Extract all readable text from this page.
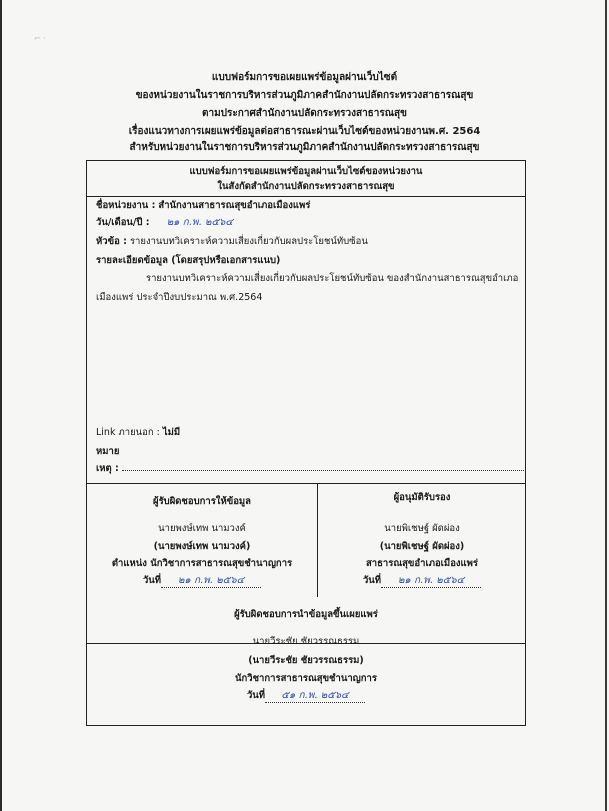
⌐ ·
แบบฟอร์มการขอเผยแพร่ข้อมูลผ่านเว็บไซต์
ของหน่วยงานในราชการบริหารส่วนภูมิภาคสำนักงานปลัดกระทรวงสาธารณสุข
ตามประกาศสำนักงานปลัดกระทรวงสาธารณสุข
เรื่องแนวทางการเผยแพร่ข้อมูลต่อสาธารณะผ่านเว็บไซต์ของหน่วยงานพ.ศ. 2564
สำหรับหน่วยงานในราชการบริหารส่วนภูมิภาคสำนักงานปลัดกระทรวงสาธารณสุข
แบบฟอร์มการขอเผยแพร่ข้อมูลผ่านเว็บไซต์ของหน่วยงาน
ในสังกัดสำนักงานปลัดกระทรวงสาธารณสุข
ชื่อหน่วยงาน : สำนักงานสาธารณสุขอำเภอเมืองแพร่
วัน/เดือน/ปี : ๒๑ ก.พ. ๒๕๖๔
หัวข้อ : รายงานบทวิเคราะห์ความเสี่ยงเกี่ยวกับผลประโยชน์ทับซ้อน
รายละเอียดข้อมูล (โดยสรุปหรือเอกสารแนบ)
รายงานบทวิเคราะห์ความเสี่ยงเกี่ยวกับผลประโยชน์ทับซ้อน ของสำนักงานสาธารณสุขอำเภอ
เมืองแพร่ ประจำปีงบประมาณ พ.ศ.2564
Link ภายนอก : ไม่มี
หมาย
เหตุ :
ผู้รับผิดชอบการให้ข้อมูล
นายพงษ์เทพ นามวงค์
(นายพงษ์เทพ นามวงค์)
ตำแหน่ง นักวิชาการสาธารณสุขชำนาญการ
วันที่ ๒๑ ก.พ. ๒๕๖๔
ผู้อนุมัติรับรอง
นายพิเชษฐ์ ผัดผ่อง
(นายพิเชษฐ์ ผัดผ่อง)
สาธารณสุขอำเภอเมืองแพร่
วันที่ ๒๑ ก.พ. ๒๕๖๔
ผู้รับผิดชอบการนำข้อมูลขึ้นเผยแพร่
นายวีระชัย ชัยวรรณธรรม
(นายวีระชัย ชัยวรรณธรรม)
นักวิชาการสาธารณสุขชำนาญการ
วันที่ ๕๑ ก.พ. ๒๕๖๔
